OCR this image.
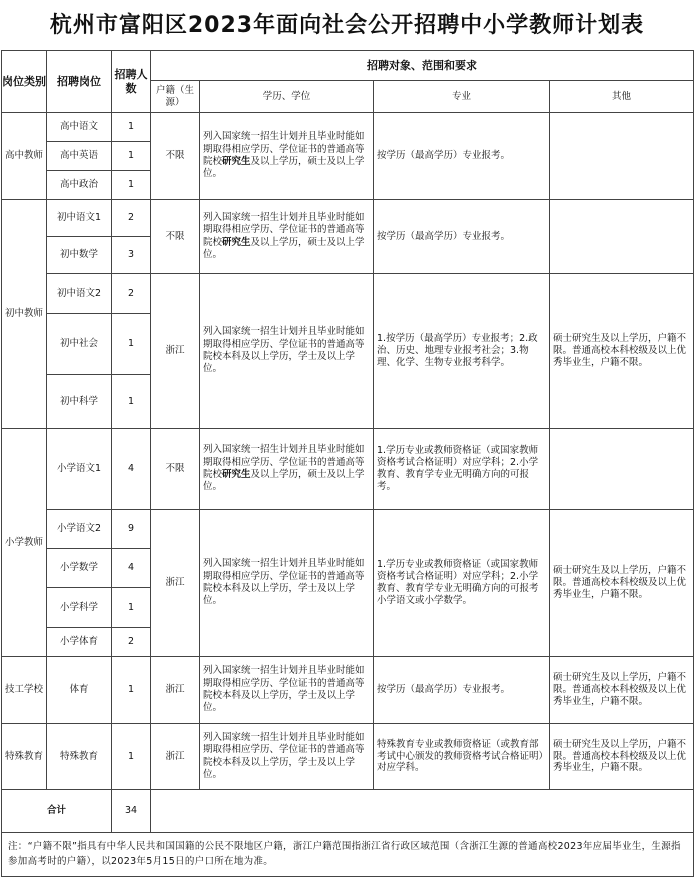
杭州市富阳区2023年面向社会公开招聘中小学教师计划表
岗位类别	招聘岗位	招聘人数	招聘对象、范围和要求			
			户籍（生源）	学历、学位	专业	其他
高中教师	高中语文	1	不限	列入国家统一招生计划并且毕业时能如期取得相应学历、学位证书的普通高等院校研究生及以上学历，硕士及以上学位。	按学历（最高学历）专业报考。	
	高中英语	1				
	高中政治	1				
初中教师	初中语文1	2	不限	列入国家统一招生计划并且毕业时能如期取得相应学历、学位证书的普通高等院校研究生及以上学历，硕士及以上学位。	按学历（最高学历）专业报考。	
	初中数学	3				
	初中语文2	2	浙江	列入国家统一招生计划并且毕业时能如期取得相应学历、学位证书的普通高等院校本科及以上学历，学士及以上学位。	1.按学历（最高学历）专业报考；2.政治、历史、地理专业报考社会；3.物理、化学、生物专业报考科学。	硕士研究生及以上学历，户籍不限。普通高校本科校级及以上优秀毕业生，户籍不限。
	初中社会	1				
	初中科学	1				
小学教师	小学语文1	4	不限	列入国家统一招生计划并且毕业时能如期取得相应学历、学位证书的普通高等院校研究生及以上学历，硕士及以上学位。	1.学历专业或教师资格证（或国家教师资格考试合格证明）对应学科；2.小学教育、教育学专业无明确方向的可报考。	
	小学语文2	9	浙江	列入国家统一招生计划并且毕业时能如期取得相应学历、学位证书的普通高等院校本科及以上学历，学士及以上学位。	1.学历专业或教师资格证（或国家教师资格考试合格证明）对应学科；2.小学教育、教育学专业无明确方向的可报考小学语文或小学数学。	硕士研究生及以上学历，户籍不限。普通高校本科校级及以上优秀毕业生，户籍不限。
	小学数学	4				
	小学科学	1				
	小学体育	2				
技工学校	体育	1	浙江	列入国家统一招生计划并且毕业时能如期取得相应学历、学位证书的普通高等院校本科及以上学历，学士及以上学位。	按学历（最高学历）专业报考。	硕士研究生及以上学历，户籍不限。普通高校本科校级及以上优秀毕业生，户籍不限。
特殊教育	特殊教育	1	浙江	列入国家统一招生计划并且毕业时能如期取得相应学历、学位证书的普通高等院校本科及以上学历，学士及以上学位。	特殊教育专业或教师资格证（或教育部考试中心颁发的教师资格考试合格证明）对应学科。	硕士研究生及以上学历，户籍不限。普通高校本科校级及以上优秀毕业生，户籍不限。
合计		34				
注：“户籍不限”指具有中华人民共和国国籍的公民不限地区户籍，浙江户籍范围指浙江省行政区域范围（含浙江生源的普通高校2023年应届毕业生，生源指参加高考时的户籍），以2023年5月15日的户口所在地为准。						
